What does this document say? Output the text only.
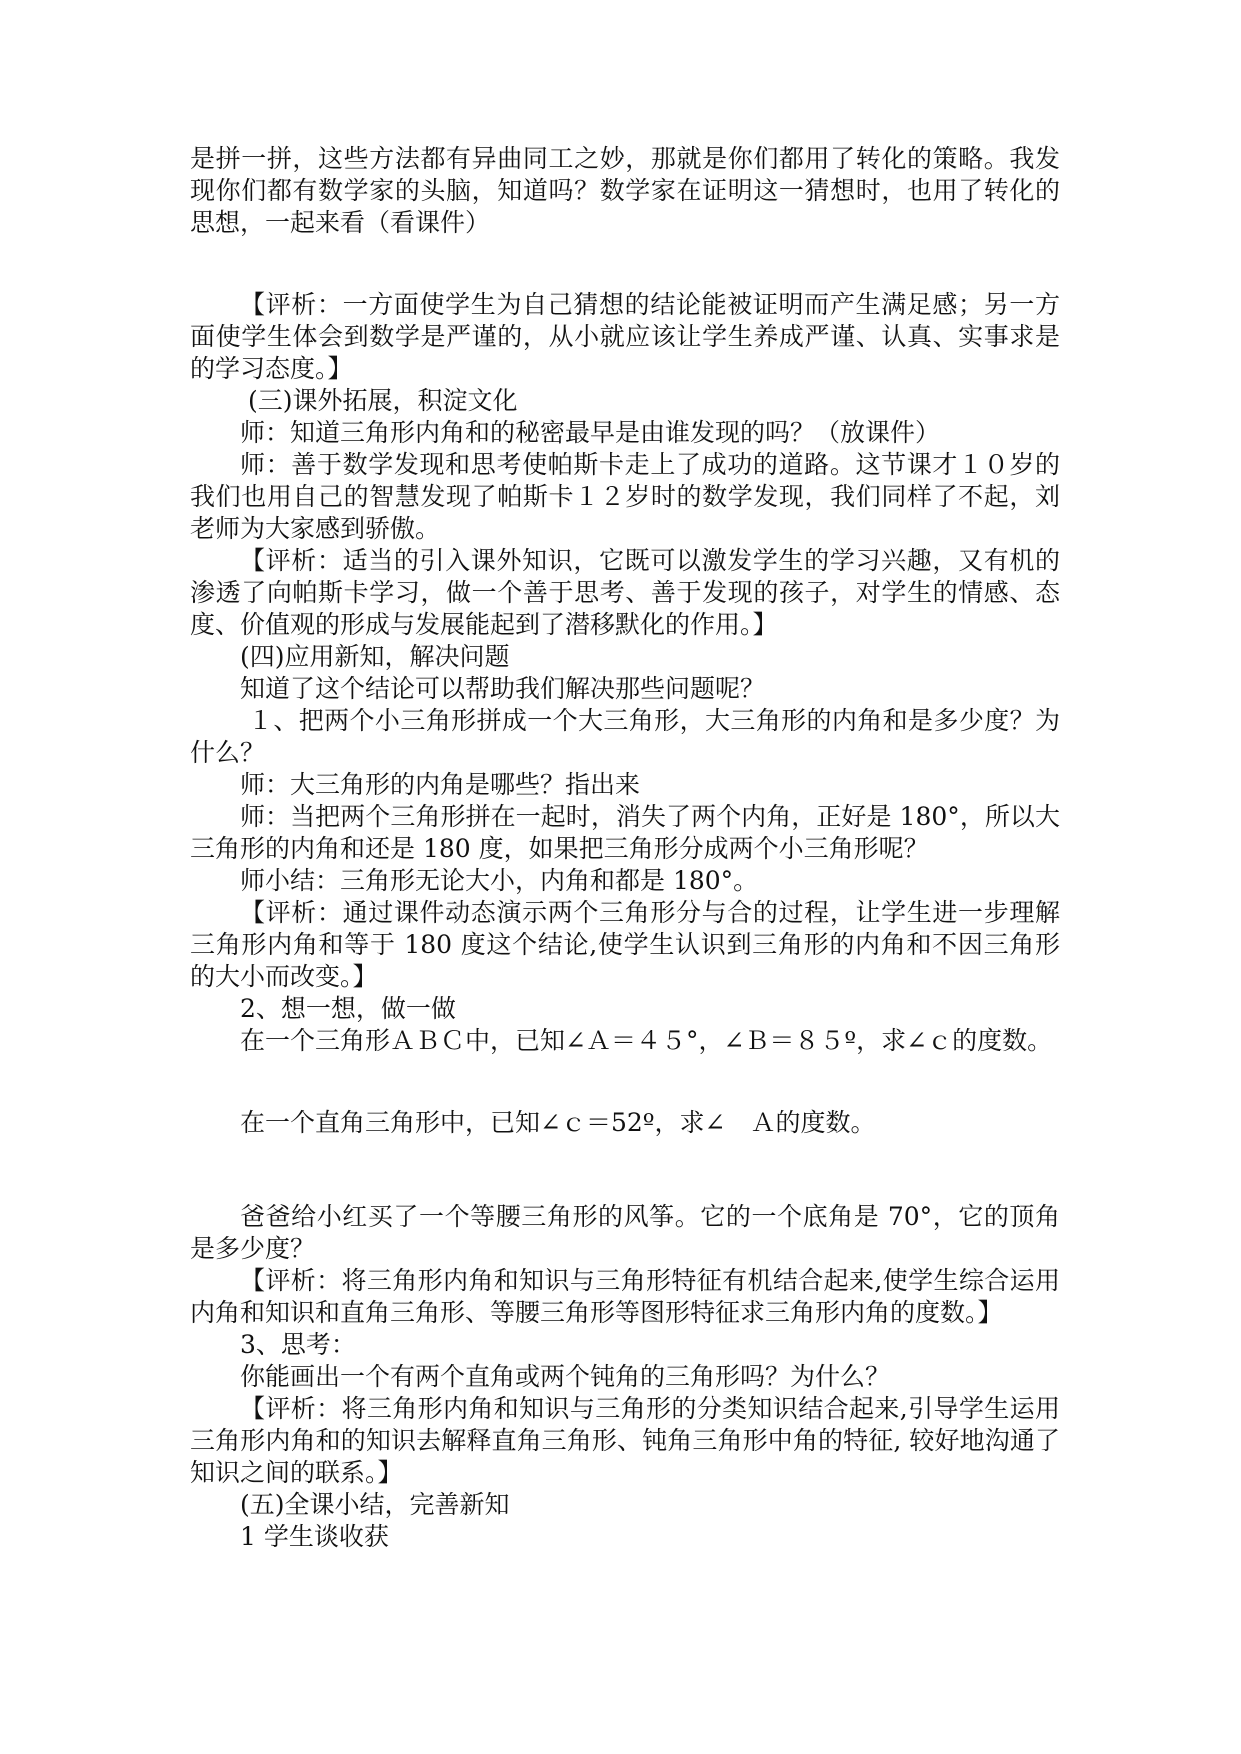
是拼一拼，这些方法都有异曲同工之妙，那就是你们都用了转化的策略。我发现你们都有数学家的头脑，知道吗？数学家在证明这一猜想时，也用了转化的思想，一起来看（看课件）

【评析：一方面使学生为自己猜想的结论能被证明而产生满足感；另一方面使学生体会到数学是严谨的，从小就应该让学生养成严谨、认真、实事求是的学习态度。】

(三)课外拓展，积淀文化

师：知道三角形内角和的秘密最早是由谁发现的吗？（放课件）

师：善于数学发现和思考使帕斯卡走上了成功的道路。这节课才１０岁的我们也用自己的智慧发现了帕斯卡１２岁时的数学发现，我们同样了不起，刘老师为大家感到骄傲。

【评析：适当的引入课外知识，它既可以激发学生的学习兴趣，又有机的渗透了向帕斯卡学习，做一个善于思考、善于发现的孩子，对学生的情感、态度、价值观的形成与发展能起到了潜移默化的作用。】

(四)应用新知，解决问题

知道了这个结论可以帮助我们解决那些问题呢？

１、把两个小三角形拼成一个大三角形，大三角形的内角和是多少度？为什么？

师：大三角形的内角是哪些？指出来

师：当把两个三角形拼在一起时，消失了两个内角，正好是 180°，所以大三角形的内角和还是 180 度，如果把三角形分成两个小三角形呢？

师小结：三角形无论大小，内角和都是 180°。

【评析：通过课件动态演示两个三角形分与合的过程，让学生进一步理解三角形内角和等于 180 度这个结论,使学生认识到三角形的内角和不因三角形的大小而改变。】

2、想一想，做一做

在一个三角形ＡＢＣ中，已知∠Ａ＝４５°，∠Ｂ＝８５º，求∠ｃ的度数。

在一个直角三角形中，已知∠ｃ＝52º，求∠　Ａ的度数。

爸爸给小红买了一个等腰三角形的风筝。它的一个底角是 70°，它的顶角是多少度？

【评析：将三角形内角和知识与三角形特征有机结合起来,使学生综合运用内角和知识和直角三角形、等腰三角形等图形特征求三角形内角的度数。】

3、思考：

你能画出一个有两个直角或两个钝角的三角形吗？为什么？

【评析：将三角形内角和知识与三角形的分类知识结合起来,引导学生运用三角形内角和的知识去解释直角三角形、钝角三角形中角的特征, 较好地沟通了知识之间的联系。】

(五)全课小结，完善新知

1 学生谈收获
